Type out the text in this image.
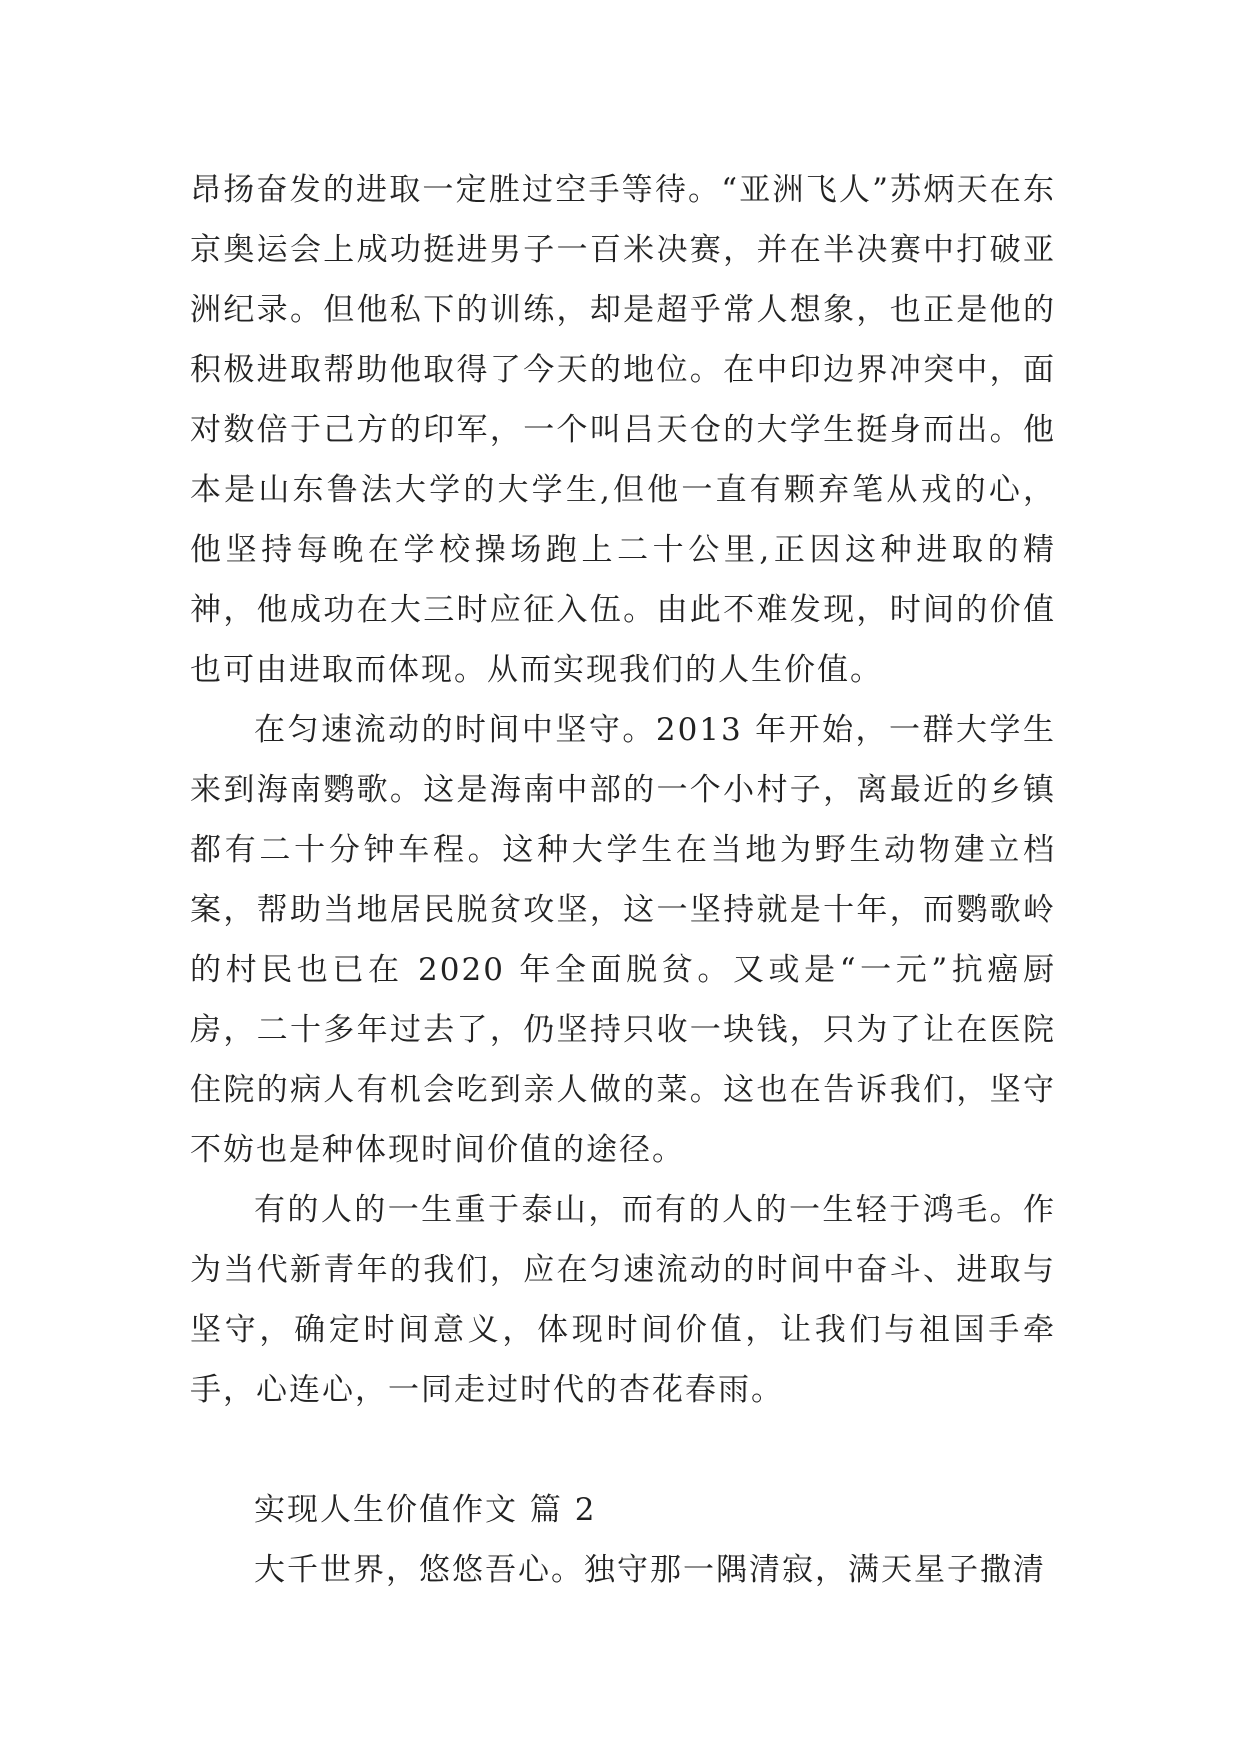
昂扬奋发的进取一定胜过空手等待。“亚洲飞人”苏炳天在东京奥运会上成功挺进男子一百米决赛，并在半决赛中打破亚洲纪录。但他私下的训练，却是超乎常人想象，也正是他的积极进取帮助他取得了今天的地位。在中印边界冲突中，面对数倍于己方的印军，一个叫吕天仓的大学生挺身而出。他本是山东鲁法大学的大学生,但他一直有颗弃笔从戎的心，他坚持每晚在学校操场跑上二十公里,正因这种进取的精神，他成功在大三时应征入伍。由此不难发现，时间的价值也可由进取而体现。从而实现我们的人生价值。

在匀速流动的时间中坚守。2013 年开始，一群大学生来到海南鹦歌。这是海南中部的一个小村子，离最近的乡镇都有二十分钟车程。这种大学生在当地为野生动物建立档案，帮助当地居民脱贫攻坚，这一坚持就是十年，而鹦歌岭的村民也已在 2020 年全面脱贫。又或是“一元”抗癌厨房，二十多年过去了，仍坚持只收一块钱，只为了让在医院住院的病人有机会吃到亲人做的菜。这也在告诉我们，坚守不妨也是种体现时间价值的途径。

有的人的一生重于泰山，而有的人的一生轻于鸿毛。作为当代新青年的我们，应在匀速流动的时间中奋斗、进取与坚守，确定时间意义，体现时间价值，让我们与祖国手牵手，心连心，一同走过时代的杏花春雨。

实现人生价值作文 篇 2

大千世界，悠悠吾心。独守那一隅清寂，满天星子撒清
